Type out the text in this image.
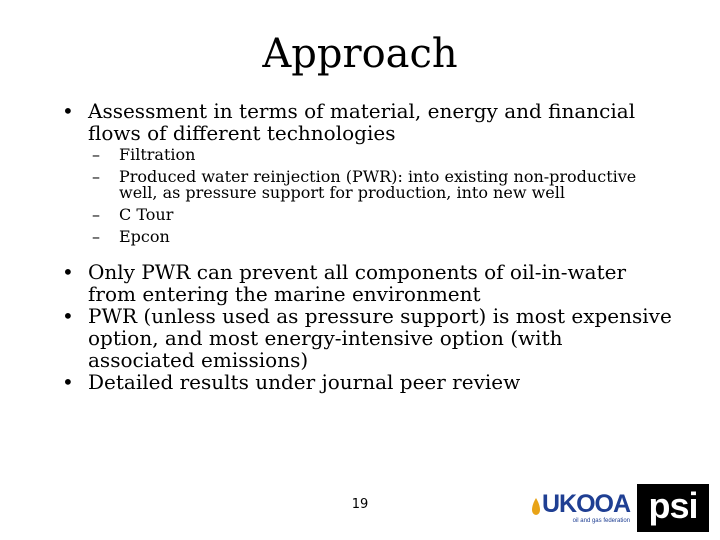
Approach
• Assessment in terms of material, energy and financial flows of different technologies
– Filtration
– Produced water reinjection (PWR): into existing non-productive well, as pressure support for production, into new well
– C Tour
– Epcon
• Only PWR can prevent all components of oil-in-water from entering the marine environment
• PWR (unless used as pressure support) is most expensive option, and most energy-intensive option (with associated emissions)
• Detailed results under journal peer review
19	UKOOA
oil and gas federation psi
